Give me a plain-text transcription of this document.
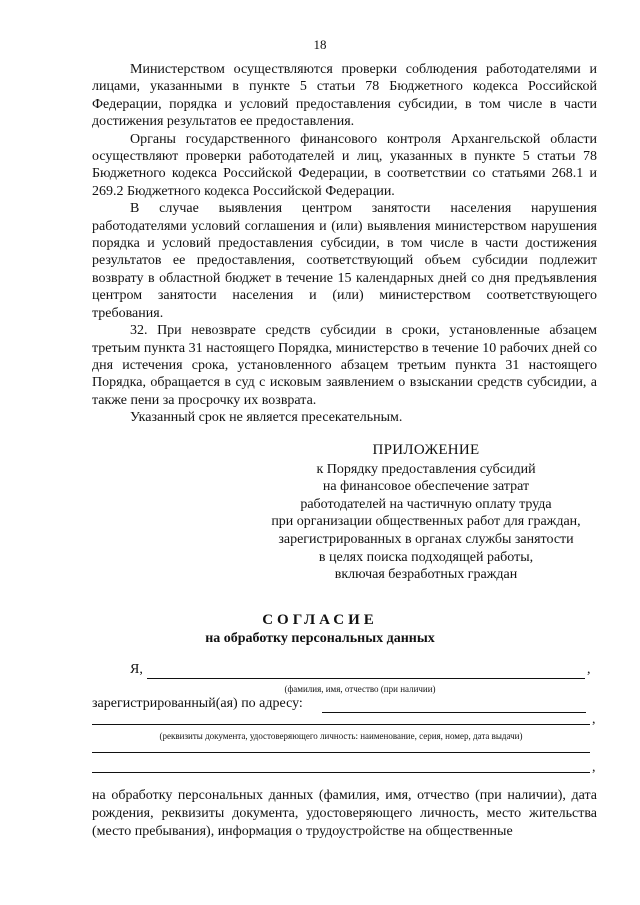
18

Министерством осуществляются проверки соблюдения работодателями и лицами, указанными в пункте 5 статьи 78 Бюджетного кодекса Российской Федерации, порядка и условий предоставления субсидии, в том числе в части достижения результатов ее предоставления.

Органы государственного финансового контроля Архангельской области осуществляют проверки работодателей и лиц, указанных в пункте 5 статьи 78 Бюджетного кодекса Российской Федерации, в соответствии со статьями 268.1 и 269.2 Бюджетного кодекса Российской Федерации.

В случае выявления центром занятости населения нарушения работодателями условий соглашения и (или) выявления министерством нарушения порядка и условий предоставления субсидии, в том числе в части достижения результатов ее предоставления, соответствующий объем субсидии подлежит возврату в областной бюджет в течение 15 календарных дней со дня предъявления центром занятости населения и (или) министерством соответствующего требования.

32. При невозврате средств субсидии в сроки, установленные абзацем третьим пункта 31 настоящего Порядка, министерство в течение 10 рабочих дней со дня истечения срока, установленного абзацем третьим пункта 31 настоящего Порядка, обращается в суд с исковым заявлением о взыскании средств субсидии, а также пени за просрочку их возврата.

Указанный срок не является пресекательным.

ПРИЛОЖЕНИЕ
к Порядку предоставления субсидий
на финансовое обеспечение затрат
работодателей на частичную оплату труда
при организации общественных работ для граждан,
зарегистрированных в органах службы занятости
в целях поиска подходящей работы,
включая безработных граждан
СОГЛАСИЕ
на обработку персональных данных
Я,	,
(фамилия, имя, отчество (при наличии)
зарегистрированный(ая) по адресу:
,
(реквизиты документа, удостоверяющего личность: наименование, серия, номер, дата выдачи)
,
на обработку персональных данных (фамилия, имя, отчество (при наличии), дата рождения, реквизиты документа, удостоверяющего личность, место жительства (место пребывания), информация о трудоустройстве на общественные
